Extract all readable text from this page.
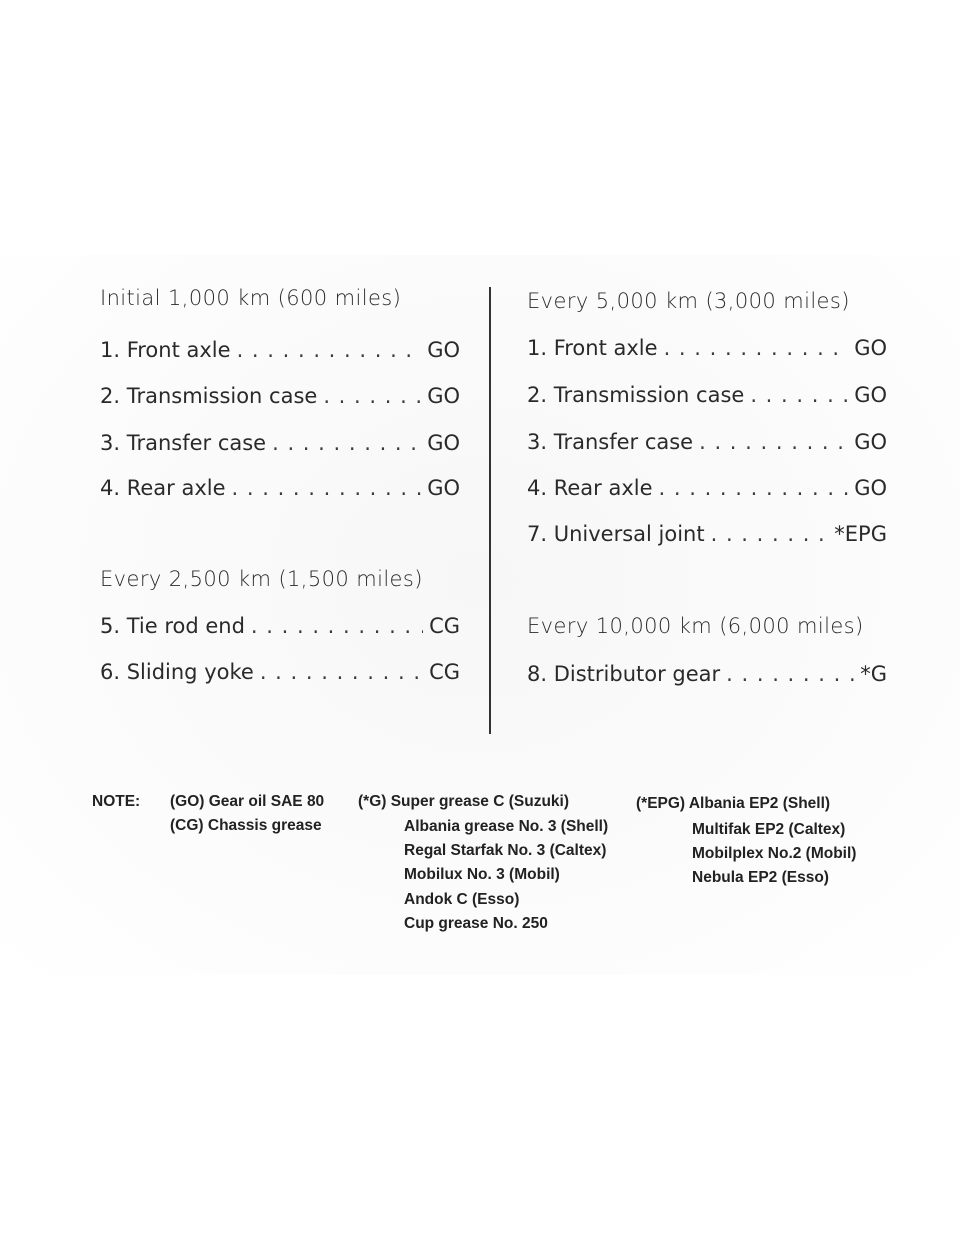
Initial 1,000 km (600 miles)
1. Front axle . . .	GO
2. Transmission case . . .	GO
3. Transfer case . . .	GO
4. Rear axle . . .	GO
Every 2,500 km (1,500 miles)
5. Tie rod end . . .	CG
6. Sliding yoke . . .	CG
Every 5,000 km (3,000 miles)
1. Front axle . . .	GO
2. Transmission case . . .	GO
3. Transfer case . . .	GO
4. Rear axle . . .	GO
7. Universal joint . . .	*EPG
Every 10,000 km (6,000 miles)
8. Distributor gear . . .	*G
NOTE: (GO) Gear oil SAE 80
(CG) Chassis grease
(*G) Super grease C (Suzuki)
Albania grease No. 3 (Shell)
Regal Starfak No. 3 (Caltex)
Mobilux No. 3 (Mobil)
Andok C (Esso)
Cup grease No. 250
(*EPG) Albania EP2 (Shell)
Multifak EP2 (Caltex)
Mobilplex No.2 (Mobil)
Nebula EP2 (Esso)
